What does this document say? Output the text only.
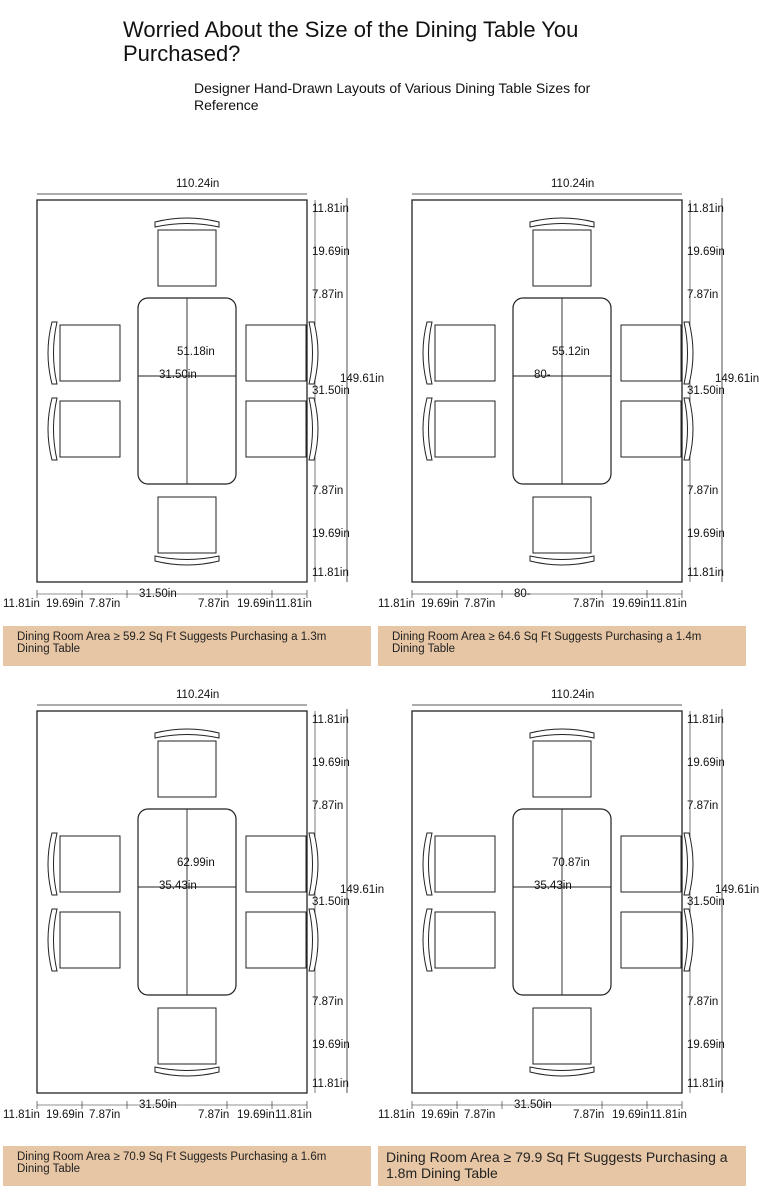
Worried About the Size of the Dining Table You Purchased?
Designer Hand-Drawn Layouts of Various Dining Table Sizes for Reference
110.24in
149.61in
51.18in
31.50in
11.81in
19.69in
7.87in
31.50in
7.87in
19.69in
11.81in
11.81in 19.69in 7.87in
31.50in
7.87in 19.69in 11.81in
Dining Room Area ≥ 59.2 Sq Ft Suggests Purchasing a 1.3m Dining Table
110.24in
149.61in
55.12in
80-
11.81in
19.69in
7.87in
31.50in
7.87in
19.69in
11.81in
11.81in 19.69in 7.87in
80-
7.87in 19.69in 11.81in
Dining Room Area ≥ 64.6 Sq Ft Suggests Purchasing a 1.4m Dining Table
110.24in
149.61in
62.99in
35.43in
11.81in
19.69in
7.87in
31.50in
7.87in
19.69in
11.81in
11.81in 19.69in 7.87in
31.50in
7.87in 19.69in 11.81in
Dining Room Area ≥ 70.9 Sq Ft Suggests Purchasing a 1.6m Dining Table
110.24in
149.61in
70.87in
35.43in
11.81in
19.69in
7.87in
31.50in
7.87in
19.69in
11.81in
11.81in 19.69in 7.87in
31.50in
7.87in 19.69in 11.81in
Dining Room Area ≥ 79.9 Sq Ft Suggests Purchasing a 1.8m Dining Table
